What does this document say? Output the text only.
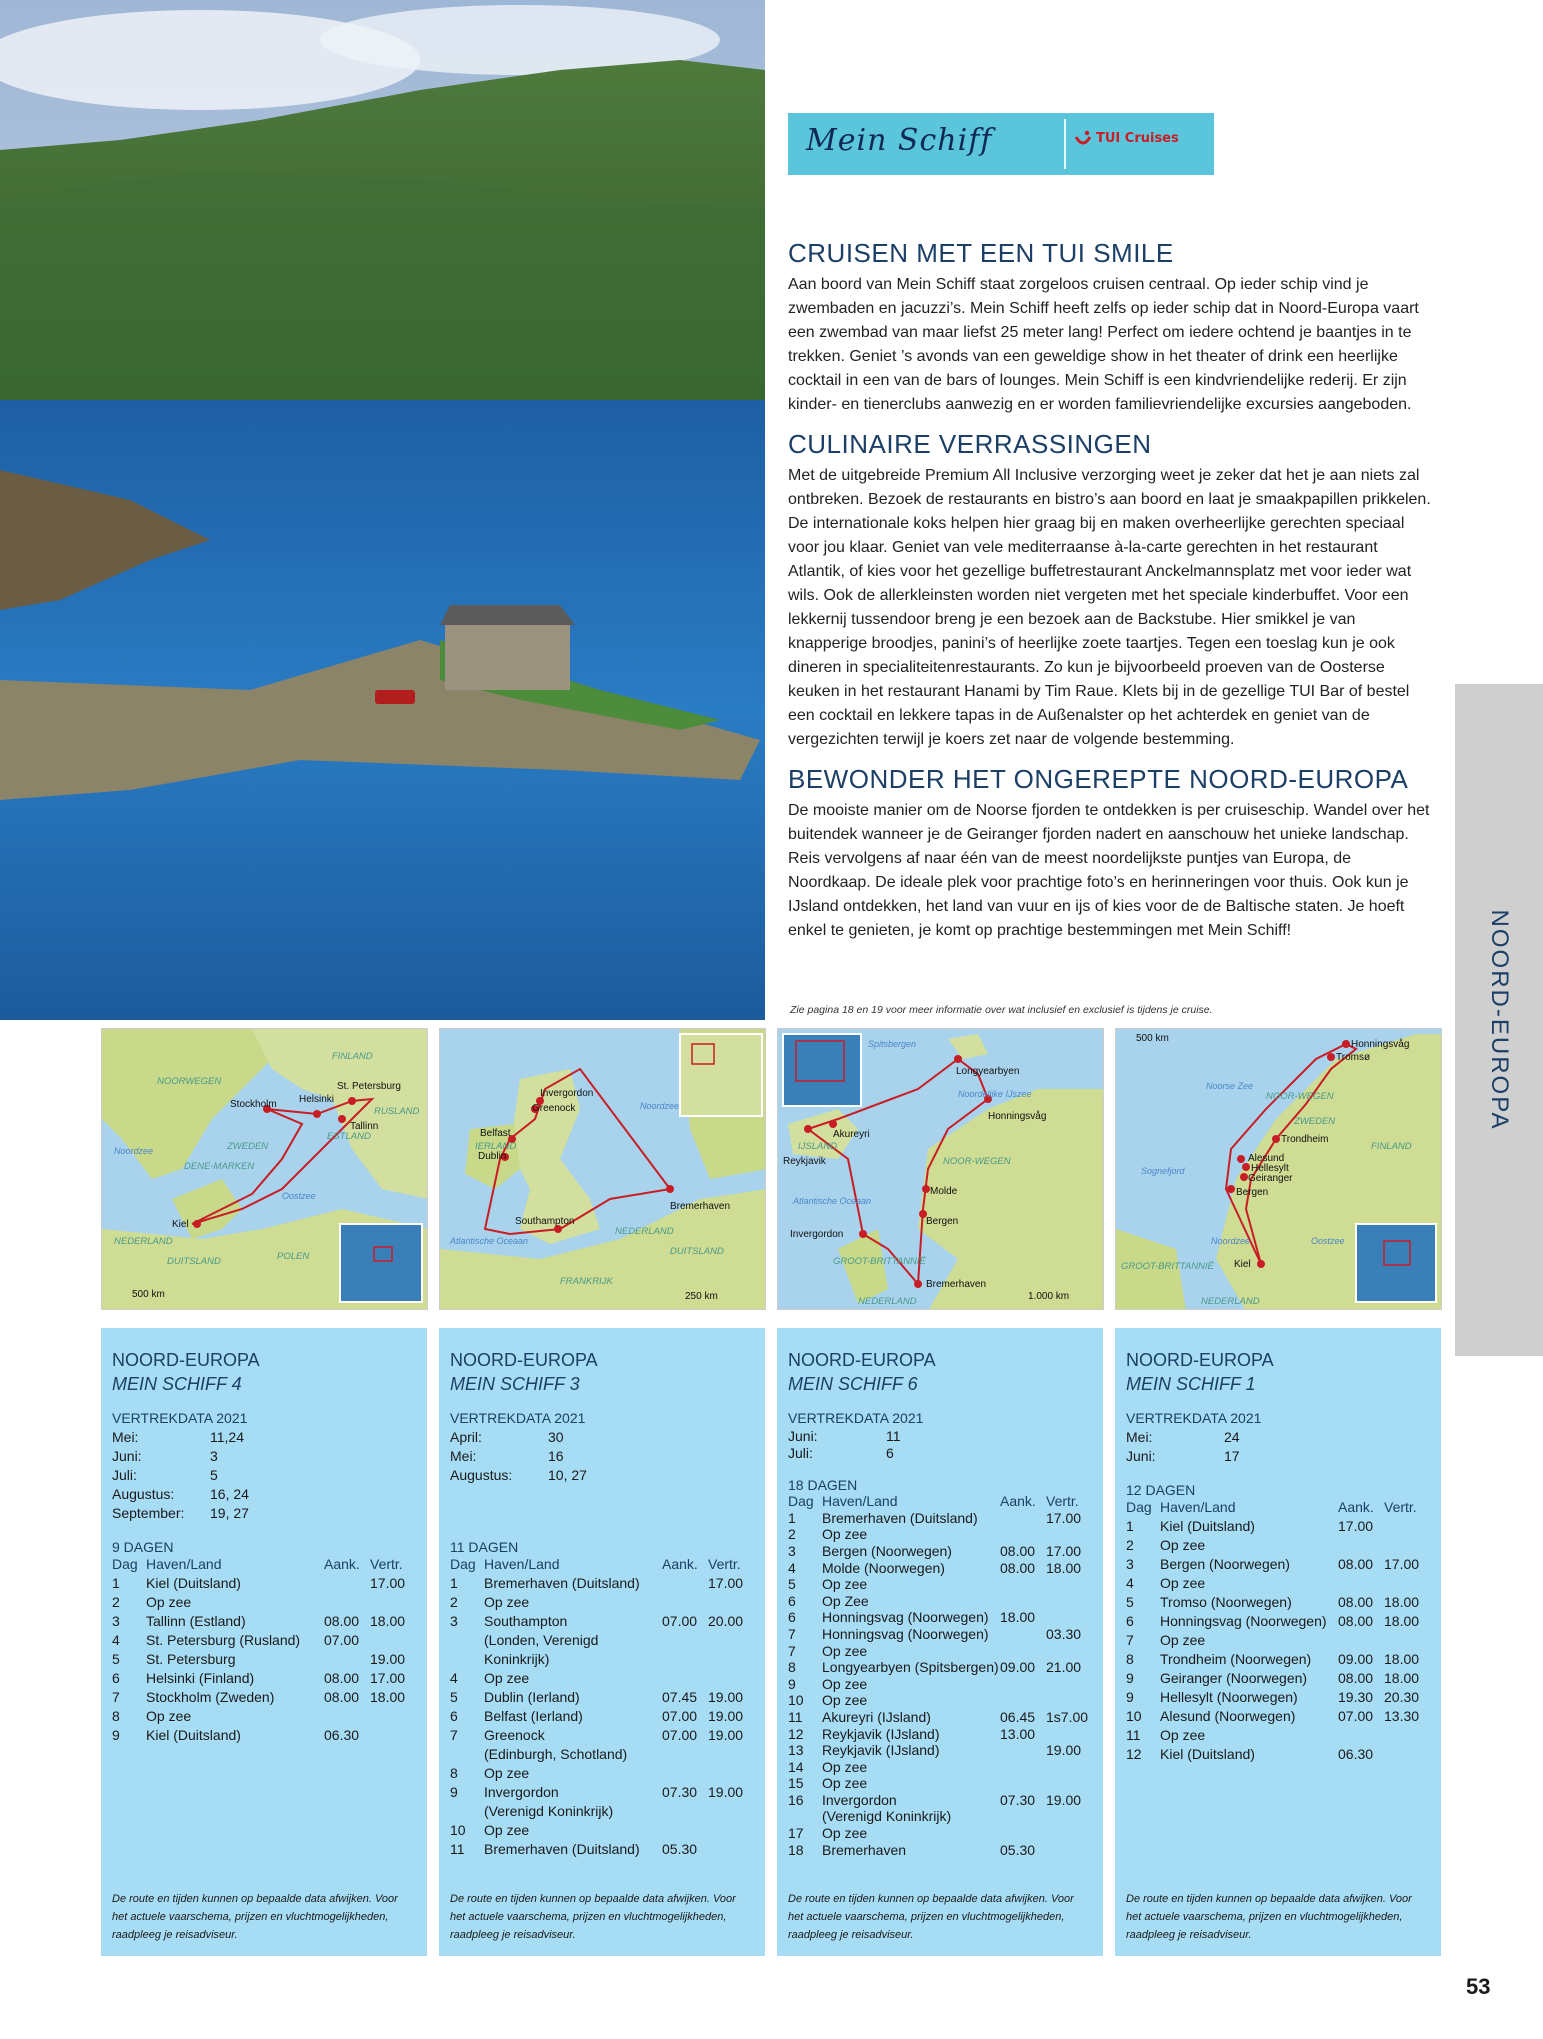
Mein Schiff	TUI Cruises
CRUISEN MET EEN TUI SMILE

Aan boord van Mein Schiff staat zorgeloos cruisen centraal. Op ieder schip vind je zwembaden en jacuzzi’s. Mein Schiff heeft zelfs op ieder schip dat in Noord-Europa vaart een zwembad van maar liefst 25 meter lang! Perfect om iedere ochtend je baantjes in te trekken. Geniet ’s avonds van een geweldige show in het theater of drink een heerlijke cocktail in een van de bars of lounges. Mein Schiff is een kindvriendelijke rederij. Er zijn kinder- en tienerclubs aanwezig en er worden familievriendelijke excursies aangeboden.

CULINAIRE VERRASSINGEN

Met de uitgebreide Premium All Inclusive verzorging weet je zeker dat het je aan niets zal ontbreken. Bezoek de restaurants en bistro’s aan boord en laat je smaakpapillen prikkelen. De internationale koks helpen hier graag bij en maken overheerlijke gerechten speciaal voor jou klaar. Geniet van vele mediterraanse à-la-carte gerechten in het restaurant Atlantik, of kies voor het gezellige buffetrestaurant Anckelmannsplatz met voor ieder wat wils. Ook de allerkleinsten worden niet vergeten met het speciale kinderbuffet. Voor een lekkernij tussendoor breng je een bezoek aan de Backstube. Hier smikkel je van knapperige broodjes, panini’s of heerlijke zoete taartjes. Tegen een toeslag kun je ook dineren in specialiteitenrestaurants. Zo kun je bijvoorbeeld proeven van de Oosterse keuken in het restaurant Hanami by Tim Raue. Klets bij in de gezellige TUI Bar of bestel een cocktail en lekkere tapas in de Außenalster op het achterdek en geniet van de vergezichten terwijl je koers zet naar de volgende bestemming.

BEWONDER HET ONGEREPTE NOORD-EUROPA

De mooiste manier om de Noorse fjorden te ontdekken is per cruiseschip. Wandel over het buitendek wanneer je de Geiranger fjorden nadert en aanschouw het unieke landschap. Reis vervolgens af naar één van de meest noordelijkste puntjes van Europa, de Noordkaap. De ideale plek voor prachtige foto’s en herinneringen voor thuis. Ook kun je IJsland ontdekken, het land van vuur en ijs of kies voor de de Baltische staten. Je hoeft enkel te genieten, je komt op prachtige bestemmingen met Mein Schiff!

Zie pagina 18 en 19 voor meer informatie over wat inclusief en exclusief is tijdens je cruise.	NOORD-EUROPA
Stockholm Helsinki
St. Petersburg
Tallinn
Kiel
NOORWEGEN
FINLAND
ZWEDEN
RUSLAND
ESTLAND
DENE-MARKEN
POLEN
NEDERLAND
DUITSLAND
Noordzee
Oostzee
500 km
Invergordon
Greenock
Belfast
Dublin
Southampton
Bremerhaven
IERLAND
NEDERLAND
DUITSLAND
FRANKRIJK
Noordzee
Atlantische Oceaan
250 km
Longyearbyen
Honningsvåg
Akureyri
Reykjavik
Molde
Bergen
Invergordon
Bremerhaven
IJSLAND
NOOR-WEGEN
GROOT-BRITTANNIË
NEDERLAND
Spitsbergen
Noordelijke IJszee
Atlantische Oceaan
1.000 km
Honningsvåg
Tromsø
Trondheim
Alesund
Hellesylt
Geiranger
Bergen
Kiel
NOOR-WEGEN
ZWEDEN
FINLAND
GROOT-BRITTANNIË
NEDERLAND
Noorse Zee
Sognefjord
Noordzee	Oostzee
500 km
NOORD-EUROPA
MEIN SCHIFF 4
VERTREKDATA 2021
Mei:	11,24
Juni:	3
Juli:	5
Augustus:	16, 24
September:	19, 27
9 DAGEN
Dag	Haven/Land	Aank.	Vertr.
1	Kiel (Duitsland)		17.00
2	Op zee		
3	Tallinn (Estland)	08.00	18.00
4	St. Petersburg (Rusland)	07.00	
5	St. Petersburg		19.00
6	Helsinki (Finland)	08.00	17.00
7	Stockholm (Zweden)	08.00	18.00
8	Op zee		
9	Kiel (Duitsland)	06.30	
De route en tijden kunnen op bepaalde data afwijken. Voor het actuele vaarschema, prijzen en vluchtmogelijkheden, raadpleeg je reisadviseur.
NOORD-EUROPA
MEIN SCHIFF 3
VERTREKDATA 2021
April:	30
Mei:	16
Augustus:	10, 27
11 DAGEN
Dag	Haven/Land	Aank.	Vertr.
1	Bremerhaven (Duitsland)		17.00
2	Op zee		
3	Southampton	07.00	20.00
	(Londen, Verenigd Koninkrijk)		
4	Op zee		
5	Dublin (Ierland)	07.45	19.00
6	Belfast (Ierland)	07.00	19.00
7	Greenock	07.00	19.00
	(Edinburgh, Schotland)		
8	Op zee		
9	Invergordon	07.30	19.00
	(Verenigd Koninkrijk)		
10	Op zee		
11	Bremerhaven (Duitsland)	05.30	
De route en tijden kunnen op bepaalde data afwijken. Voor het actuele vaarschema, prijzen en vluchtmogelijkheden, raadpleeg je reisadviseur.
NOORD-EUROPA
MEIN SCHIFF 6
VERTREKDATA 2021
Juni:	11
Juli:	6
18 DAGEN
Dag	Haven/Land	Aank.	Vertr.
1	Bremerhaven (Duitsland)		17.00
2	Op zee		
3	Bergen (Noorwegen)	08.00	17.00
4	Molde (Noorwegen)	08.00	18.00
5	Op zee		
6	Op Zee		
6	Honningsvag (Noorwegen)	18.00	
7	Honningsvag (Noorwegen)		03.30
7	Op zee		
8	Longyearbyen (Spitsbergen)	09.00	21.00
9	Op zee		
10	Op zee		
11	Akureyri (IJsland)	06.45	1s7.00
12	Reykjavik (IJsland)	13.00	
13	Reykjavik (IJsland)		19.00
14	Op zee		
15	Op zee		
16	Invergordon	07.30	19.00
	(Verenigd Koninkrijk)		
17	Op zee		
18	Bremerhaven	05.30	
De route en tijden kunnen op bepaalde data afwijken. Voor het actuele vaarschema, prijzen en vluchtmogelijkheden, raadpleeg je reisadviseur.
NOORD-EUROPA
MEIN SCHIFF 1
VERTREKDATA 2021
Mei:	24
Juni:	17
12 DAGEN
Dag	Haven/Land	Aank.	Vertr.
1	Kiel (Duitsland)	17.00	
2	Op zee		
3	Bergen (Noorwegen)	08.00	17.00
4	Op zee		
5	Tromso (Noorwegen)	08.00	18.00
6	Honningsvag (Noorwegen)	08.00	18.00
7	Op zee		
8	Trondheim (Noorwegen)	09.00	18.00
9	Geiranger (Noorwegen)	08.00	18.00
9	Hellesylt (Noorwegen)	19.30	20.30
10	Alesund (Noorwegen)	07.00	13.30
11	Op zee		
12	Kiel (Duitsland)	06.30	
De route en tijden kunnen op bepaalde data afwijken. Voor het actuele vaarschema, prijzen en vluchtmogelijkheden, raadpleeg je reisadviseur.
53
